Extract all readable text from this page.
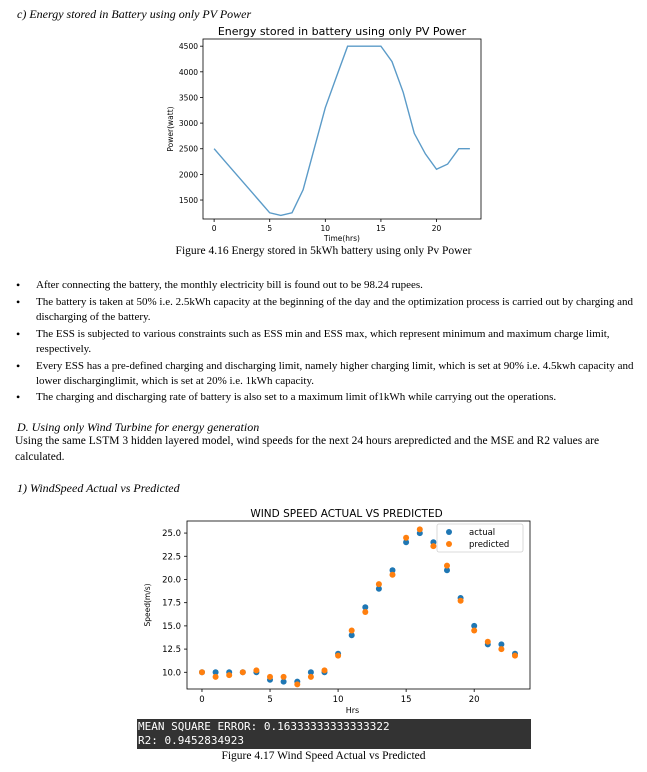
c) Energy stored in Battery using only PV Power
Energy stored in battery using only PV Power
0	5	10	15	20
1500
2000
2500
3000
3500
4000
4500
Time(hrs)
Power(watt)
Figure 4.16 Energy stored in 5kWh battery using only Pv Power
• After connecting the battery, the monthly electricity bill is found out to be 98.24 rupees.
• The battery is taken at 50% i.e. 2.5kWh capacity at the beginning of the day and the optimization process is carried out by charging and discharging of the battery.
• The ESS is subjected to various constraints such as ESS min and ESS max, which represent minimum and maximum charge limit, respectively.
• Every ESS has a pre-defined charging and discharging limit, namely higher charging limit, which is set at 90% i.e. 4.5kwh capacity and lower discharginglimit, which is set at 20% i.e. 1kWh capacity.
• The charging and discharging rate of battery is also set to a maximum limit of1kWh while carrying out the operations.
D. Using only Wind Turbine for energy generation
Using the same LSTM 3 hidden layered model, wind speeds for the next 24 hours arepredicted and the MSE and R2 values are calculated.
1) WindSpeed Actual vs Predicted
WIND SPEED ACTUAL VS PREDICTED
0	5	10	15	20
10.0
12.5
15.0
17.5
20.0
22.5
25.0
Hrs
Speed(m/s)
actual
predicted
MEAN SQUARE ERROR: 0.16333333333333322
R2: 0.9452834923
Figure 4.17 Wind Speed Actual vs Predicted
